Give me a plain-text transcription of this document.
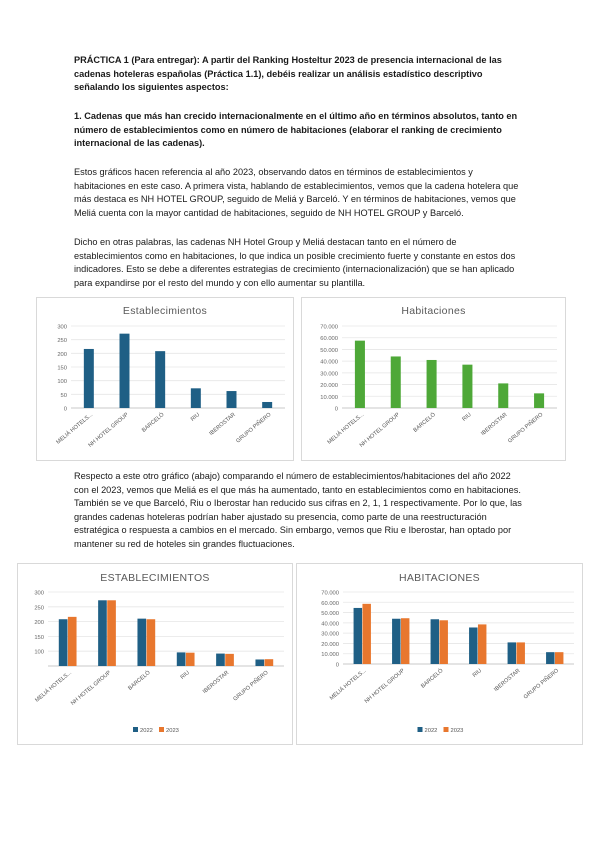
PRÁCTICA 1 (Para entregar): A partir del Ranking Hosteltur 2023 de presencia internacional de las cadenas hoteleras españolas (Práctica 1.1), debéis realizar un análisis estadístico descriptivo señalando los siguientes aspectos:

1. Cadenas que más han crecido internacionalmente en el último año en términos absolutos, tanto en número de establecimientos como en número de habitaciones (elaborar el ranking de crecimiento internacional de las cadenas).

Estos gráficos hacen referencia al año 2023, observando datos en términos de establecimientos y habitaciones en este caso. A primera vista, hablando de establecimientos, vemos que la cadena hotelera que más destaca es NH HOTEL GROUP, seguido de Meliá y Barceló. Y en términos de habitaciones, vemos que Meliá cuenta con la mayor cantidad de habitaciones, seguido de NH HOTEL GROUP y Barceló.

Dicho en otras palabras, las cadenas NH Hotel Group y Meliá destacan tanto en el número de establecimientos como en habitaciones, lo que indica un posible crecimiento fuerte y constante en estos dos indicadores. Esto se debe a diferentes estrategias de crecimiento (internacionalización) que se han aplicado para expandirse por el resto del mundo y con ello aumentar su plantilla.

Establecimientos
0
50
100
150
200
250
300
MELIÁ HOTELS...
NH HOTEL GROUP BARCELÓ	RIU IBEROSTAR
GRUPO PIÑERO
Habitaciones
0
10.000
20.000
30.000
40.000
50.000
60.000
70.000
MELIÁ HOTELS...
NH HOTEL GROUP BARCELÓ	RIU IBEROSTAR
GRUPO PIÑERO

Respecto a este otro gráfico (abajo) comparando el número de establecimientos/habitaciones del año 2022 con el 2023, vemos que Meliá es el que más ha aumentado, tanto en establecimientos como en habitaciones. También se ve que Barceló, Riu o Iberostar han reducido sus cifras en 2, 1, 1 respectivamente. Por lo que, las grandes cadenas hoteleras podrían haber ajustado su presencia, como parte de una reestructuración estratégica o respuesta a cambios en el mercado. Sin embargo, vemos que Riu e Iberostar, han optado por mantener su red de hoteles sin grandes fluctuaciones.

ESTABLECIMIENTOS
100
150
200
250
300
MELIÁ HOTELS...
NH HOTEL GROUP	BARCELÓ	RIU IBEROSTAR GRUPO PIÑERO
2022 2023
HABITACIONES
0
10.000
20.000
30.000
40.000
50.000
60.000
70.000
MELIÁ HOTELS...
NH HOTEL GROUP	BARCELÓ	RIU IBEROSTAR GRUPO PIÑERO
2022 2023
